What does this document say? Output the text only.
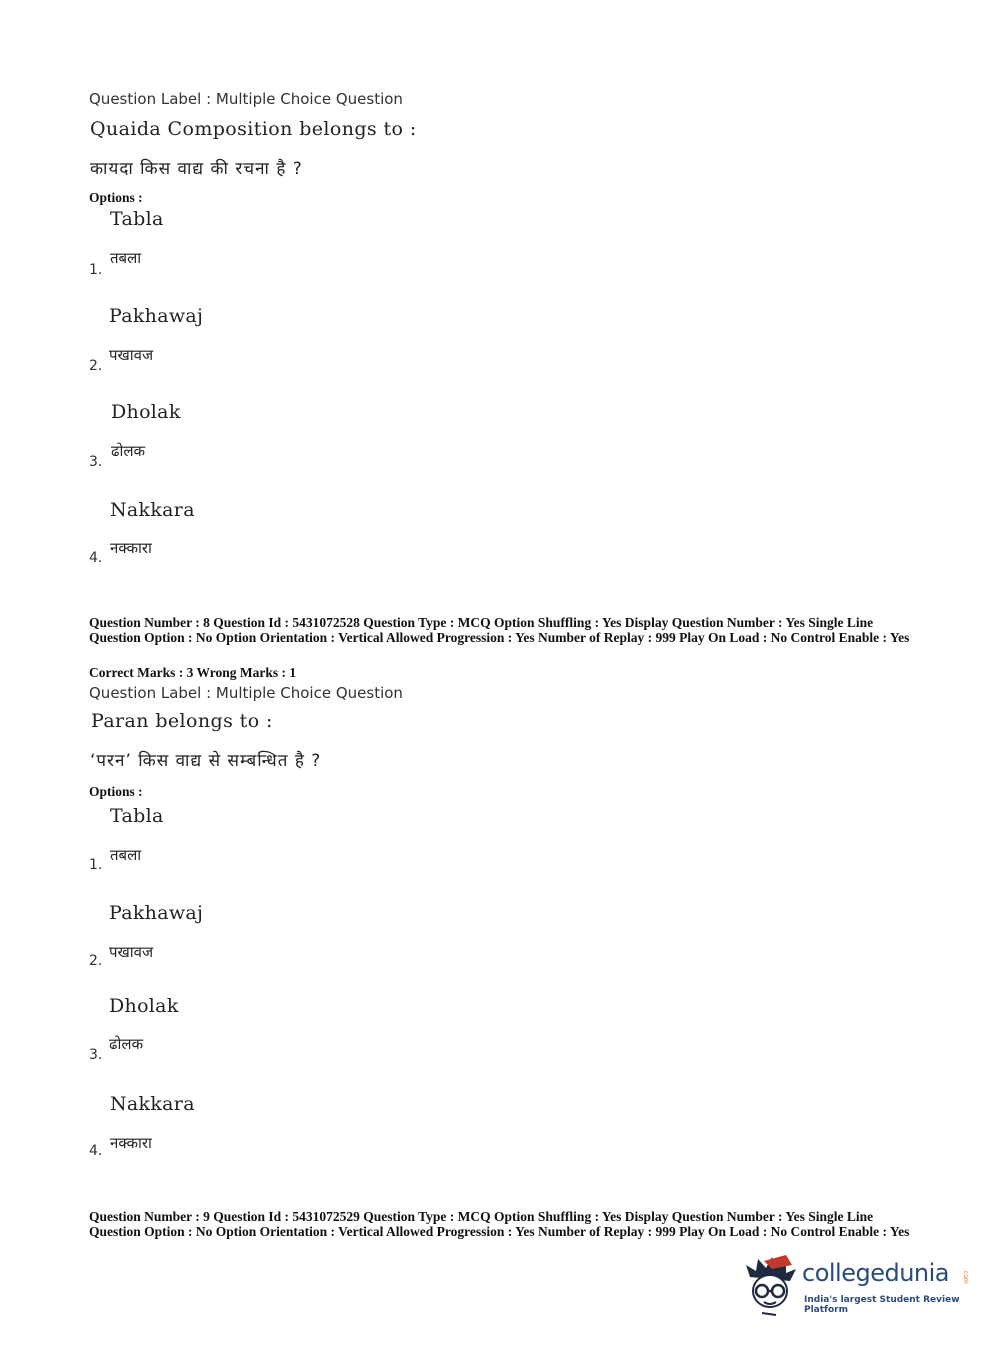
Question Label : Multiple Choice Question
Quaida Composition belongs to :
कायदा किस वाद्य की रचना है ?
Options :
Tabla
तबला
1.
Pakhawaj
पखावज
2.
Dholak
ढोलक
3.
Nakkara
नक्कारा
4.
Question Number : 8 Question Id : 5431072528 Question Type : MCQ Option Shuffling : Yes Display Question Number : Yes Single Line Question Option : No Option Orientation : Vertical Allowed Progression : Yes Number of Replay : 999 Play On Load : No Control Enable : Yes
Correct Marks : 3 Wrong Marks : 1
Question Label : Multiple Choice Question
Paran belongs to :
‘परन’ किस वाद्य से सम्बन्धित है ?
Options :
Tabla
तबला
1.
Pakhawaj
पखावज
2.
Dholak
ढोलक
3.
Nakkara
नक्कारा
4.
Question Number : 9 Question Id : 5431072529 Question Type : MCQ Option Shuffling : Yes Display Question Number : Yes Single Line Question Option : No Option Orientation : Vertical Allowed Progression : Yes Number of Replay : 999 Play On Load : No Control Enable : Yes
collegedunia .com
India's largest Student Review Platform
